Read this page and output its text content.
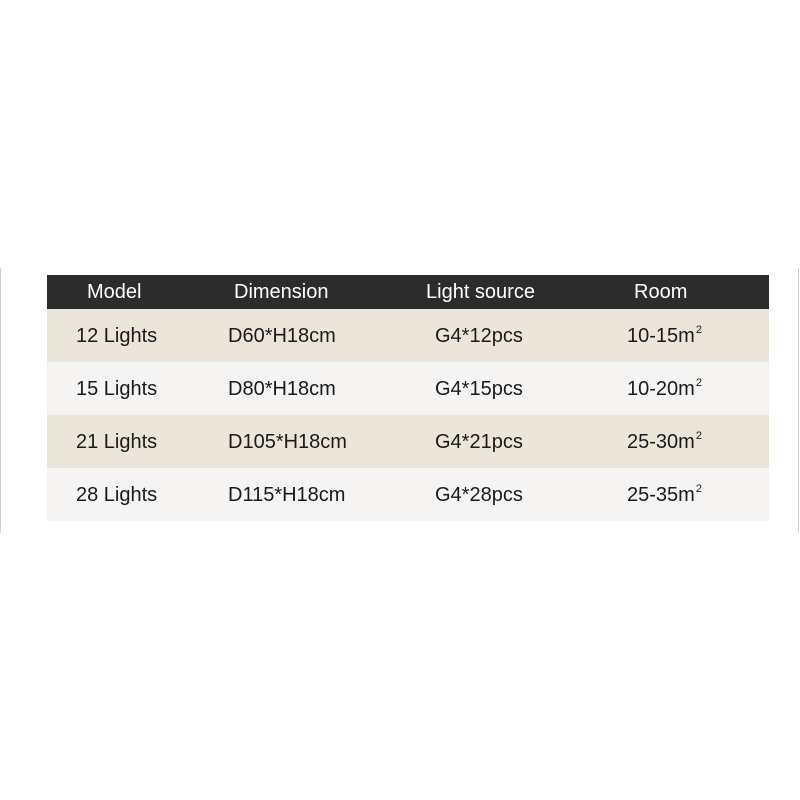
Model	Dimension	Light source	Room
12 Lights	D60*H18cm	G4*12pcs	$10-15m^2$
15 Lights	D80*H18cm	G4*15pcs	$10-20m^2$
21 Lights	D105*H18cm	G4*21pcs	$25-30m^2$
28 Lights	D115*H18cm	G4*28pcs	$25-35m^2$
